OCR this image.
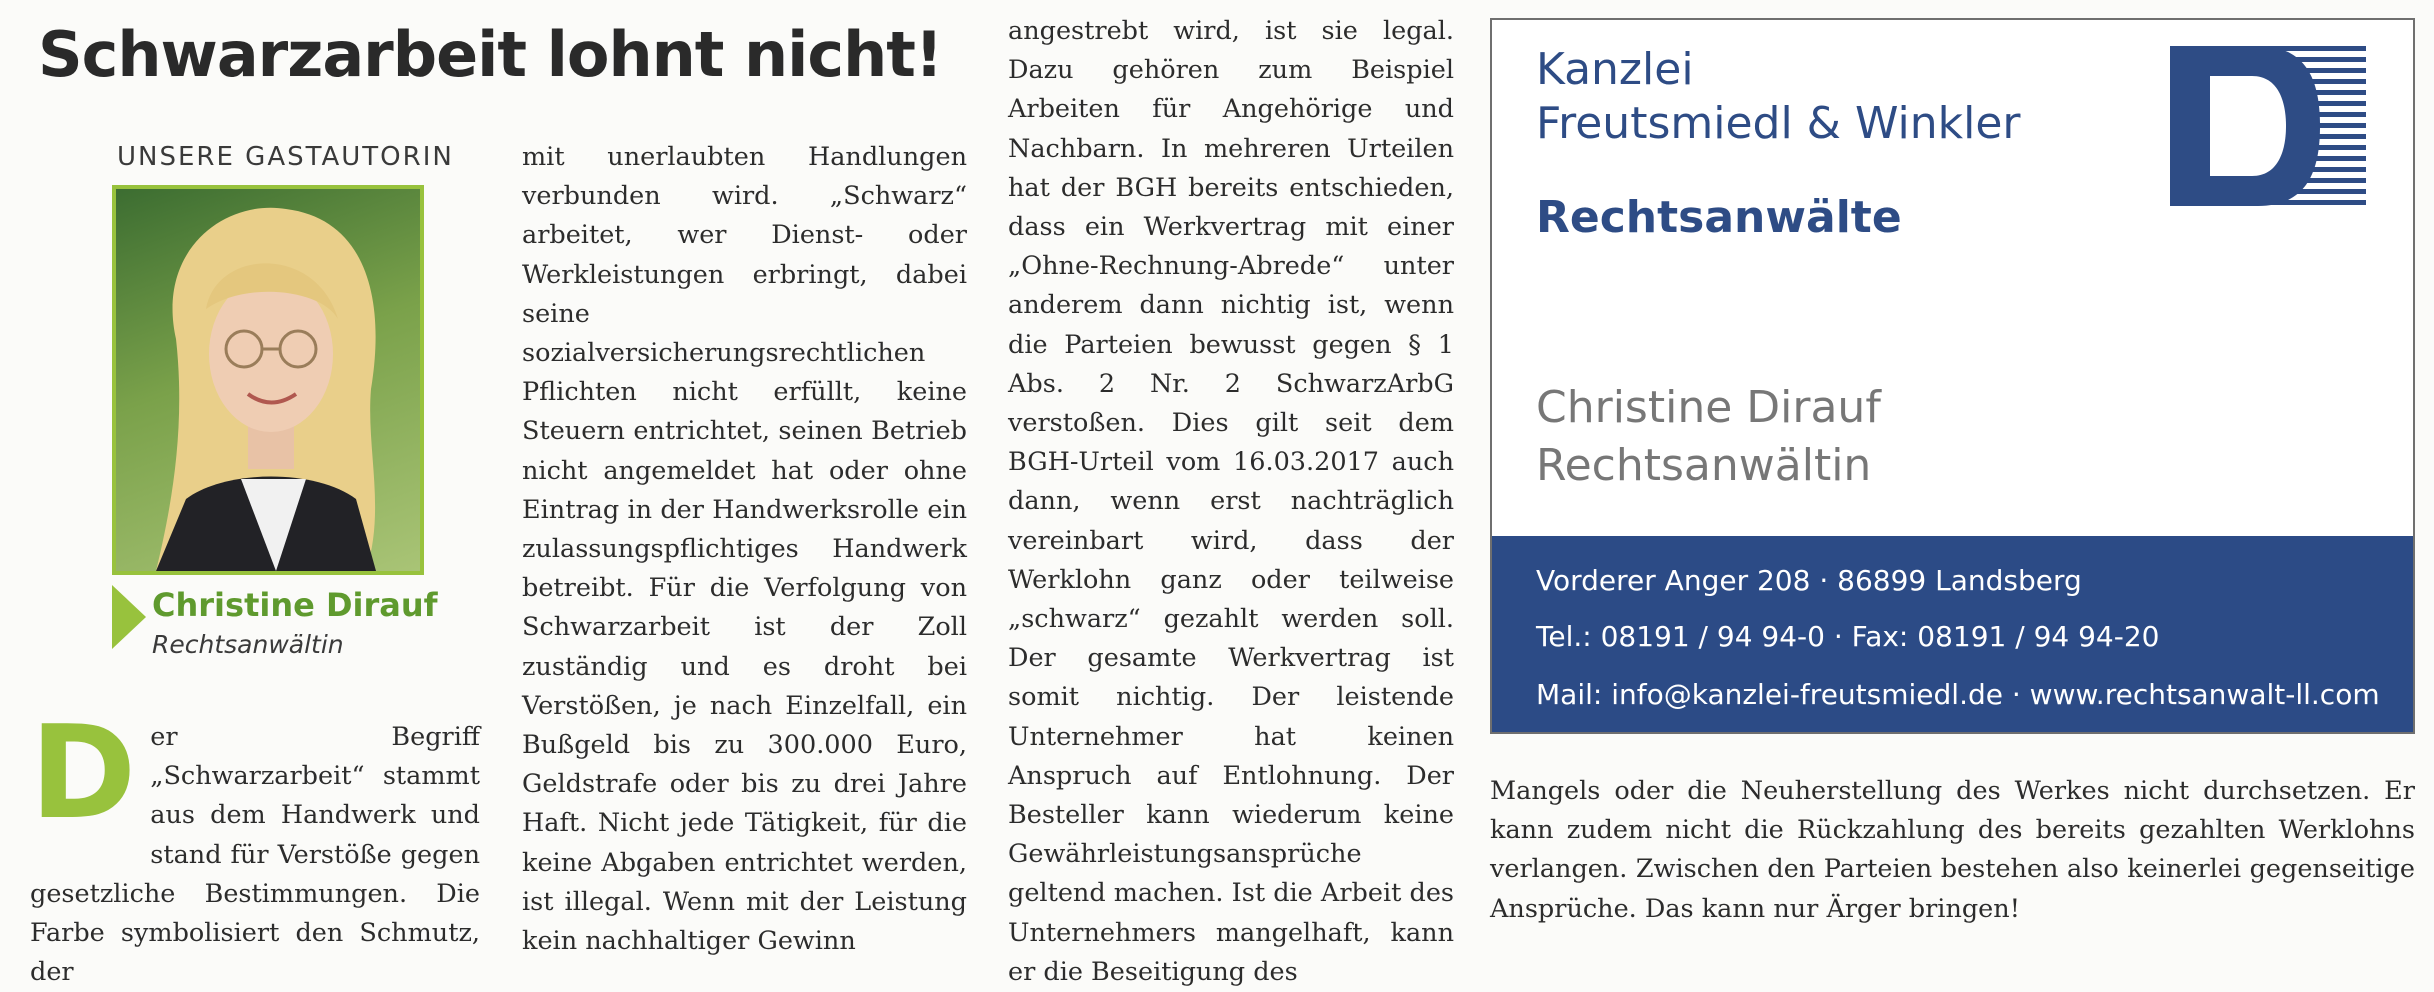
Schwarzarbeit lohnt nicht!
UNSERE GASTAUTORIN
Christine Dirauf
Rechtsanwältin
Der Begriff „Schwarzarbeit“ stammt aus dem Handwerk und stand für Verstöße gegen gesetzliche Bestimmungen. Die Farbe symbolisiert den Schmutz, der
mit unerlaubten Handlungen verbunden wird. „Schwarz“ arbeitet, wer Dienst- oder Werkleistungen erbringt, dabei seine sozialversicherungsrechtlichen Pflichten nicht erfüllt, keine Steuern entrichtet, seinen Betrieb nicht angemeldet hat oder ohne Eintrag in der Handwerksrolle ein zulassungspflichtiges Handwerk betreibt. Für die Verfolgung von Schwarzarbeit ist der Zoll zuständig und es droht bei Verstößen, je nach Einzelfall, ein Bußgeld bis zu 300.000 Euro, Geldstrafe oder bis zu drei Jahre Haft. Nicht jede Tätigkeit, für die keine Abgaben entrichtet werden, ist illegal. Wenn mit der Leistung kein nachhaltiger Gewinn
angestrebt wird, ist sie legal. Dazu gehören zum Beispiel Arbeiten für Angehörige und Nachbarn. In mehreren Urteilen hat der BGH bereits entschieden, dass ein Werkvertrag mit einer „Ohne-Rechnung-Abrede“ unter anderem dann nichtig ist, wenn die Parteien bewusst gegen § 1 Abs. 2 Nr. 2 SchwarzArbG verstoßen. Dies gilt seit dem BGH-Urteil vom 16.03.2017 auch dann, wenn erst nachträglich vereinbart wird, dass der Werklohn ganz oder teilweise „schwarz“ gezahlt werden soll. Der gesamte Werkvertrag ist somit nichtig. Der leistende Unternehmer hat keinen Anspruch auf Entlohnung. Der Besteller kann wiederum keine Gewährleistungsansprüche geltend machen. Ist die Arbeit des Unternehmers mangelhaft, kann er die Beseitigung des
Kanzlei
Freutsmiedl & Winkler
Rechtsanwälte
Christine Dirauf
Rechtsanwältin
Vorderer Anger 208 · 86899 Landsberg
Tel.: 08191 / 94 94-0 · Fax: 08191 / 94 94-20
Mail: info@kanzlei-freutsmiedl.de · www.rechtsanwalt-ll.com
Mangels oder die Neuherstellung des Werkes nicht durchsetzen. Er kann zudem nicht die Rückzahlung des bereits gezahlten Werklohns verlangen. Zwischen den Parteien bestehen also keinerlei gegenseitige Ansprüche. Das kann nur Ärger bringen!
